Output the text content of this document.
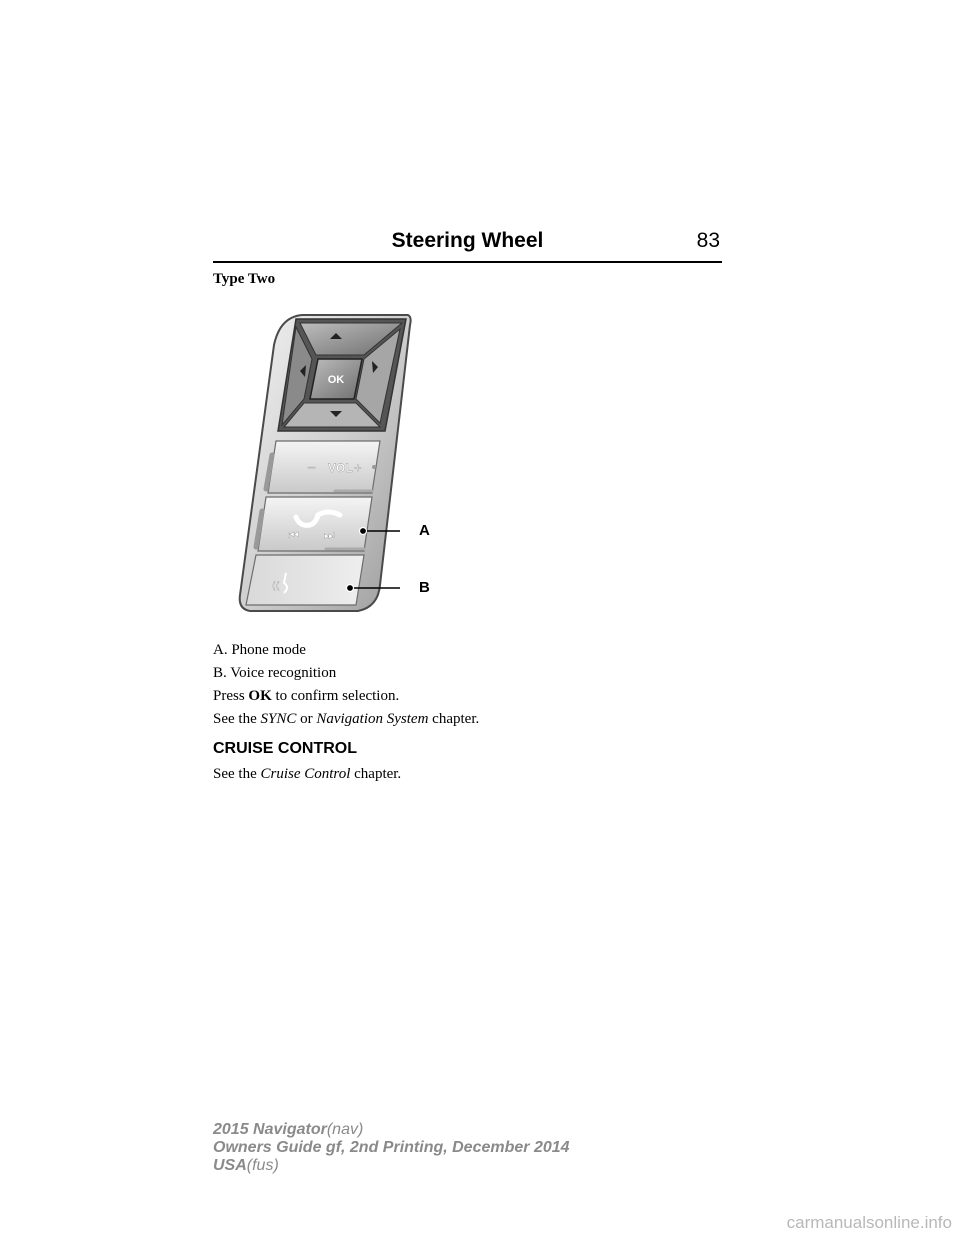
Steering Wheel	83
Type Two
OK
– VOL +
⏮ ⏭
((
A
B
A. Phone mode
B. Voice recognition
Press OK to confirm selection.
See the SYNC or Navigation System chapter.
CRUISE CONTROL
See the Cruise Control chapter.
2015 Navigator(nav)
Owners Guide gf, 2nd Printing, December 2014
USA(fus)
carmanualsonline.info
